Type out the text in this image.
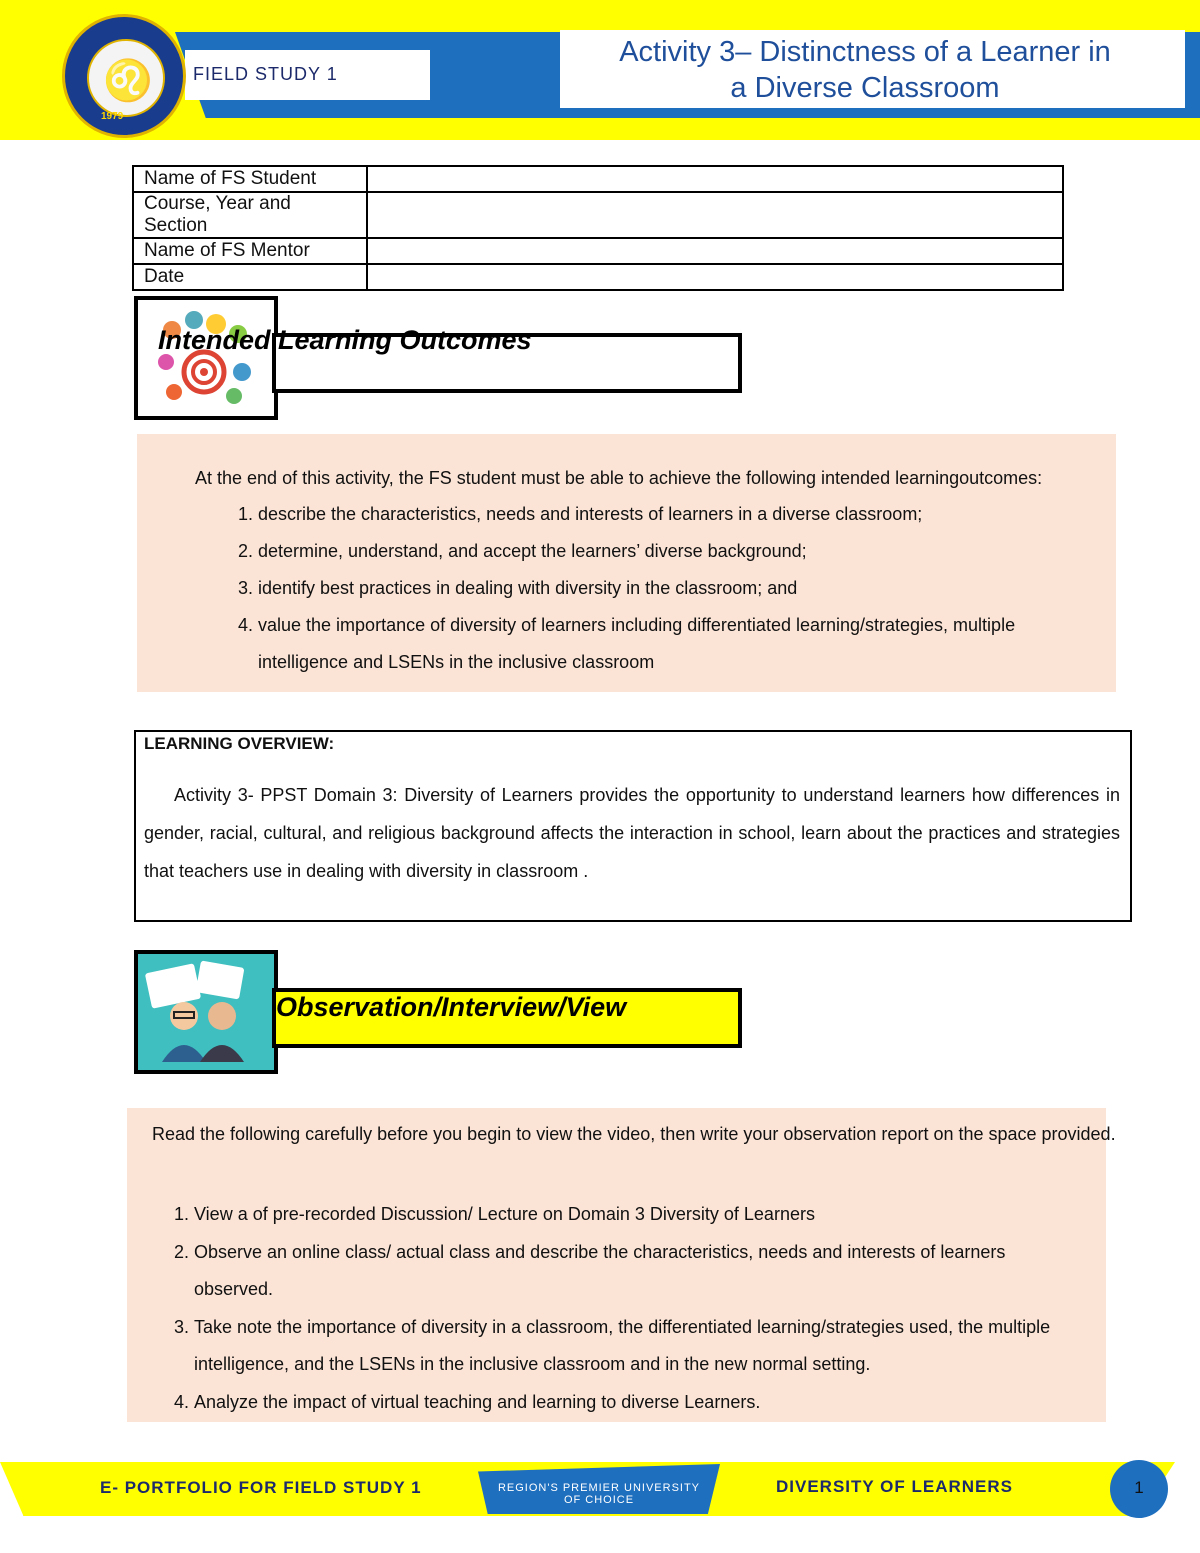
FIELD STUDY 1
Activity 3– Distinctness of a Learner in
a Diverse Classroom
♌
1979
Name of FS Student	
Course, Year and Section	
Name of FS Mentor	
Date	
Intended Learning Outcomes
At the end of this activity, the FS student must be able to achieve the following intended learningoutcomes:
1. describe the characteristics, needs and interests of learners in a diverse classroom;
2. determine, understand, and accept the learners’ diverse background;
3. identify best practices in dealing with diversity in the classroom; and
4. value the importance of diversity of learners including differentiated learning/strategies, multiple intelligence and LSENs in the inclusive classroom
LEARNING OVERVIEW:
Activity 3- PPST Domain 3: Diversity of Learners provides the opportunity to understand learners how differences in gender, racial, cultural, and religious background affects the interaction in school, learn about the practices and strategies that teachers use in dealing with diversity in classroom .
Observation/Interview/View
Read the following carefully before you begin to view the video, then write your observation report on the space provided.
1. View a of pre-recorded Discussion/ Lecture on Domain 3 Diversity of Learners
2. Observe an online class/ actual class and describe the characteristics, needs and interests of learners observed.
3. Take note the importance of diversity in a classroom, the differentiated learning/strategies used, the multiple intelligence, and the LSENs in the inclusive classroom and in the new normal setting.
4. Analyze the impact of virtual teaching and learning to diverse Learners.
E- PORTFOLIO FOR FIELD STUDY 1	REGION'S PREMIER UNIVERSITY OF CHOICE
DIVERSITY OF LEARNERS	1
